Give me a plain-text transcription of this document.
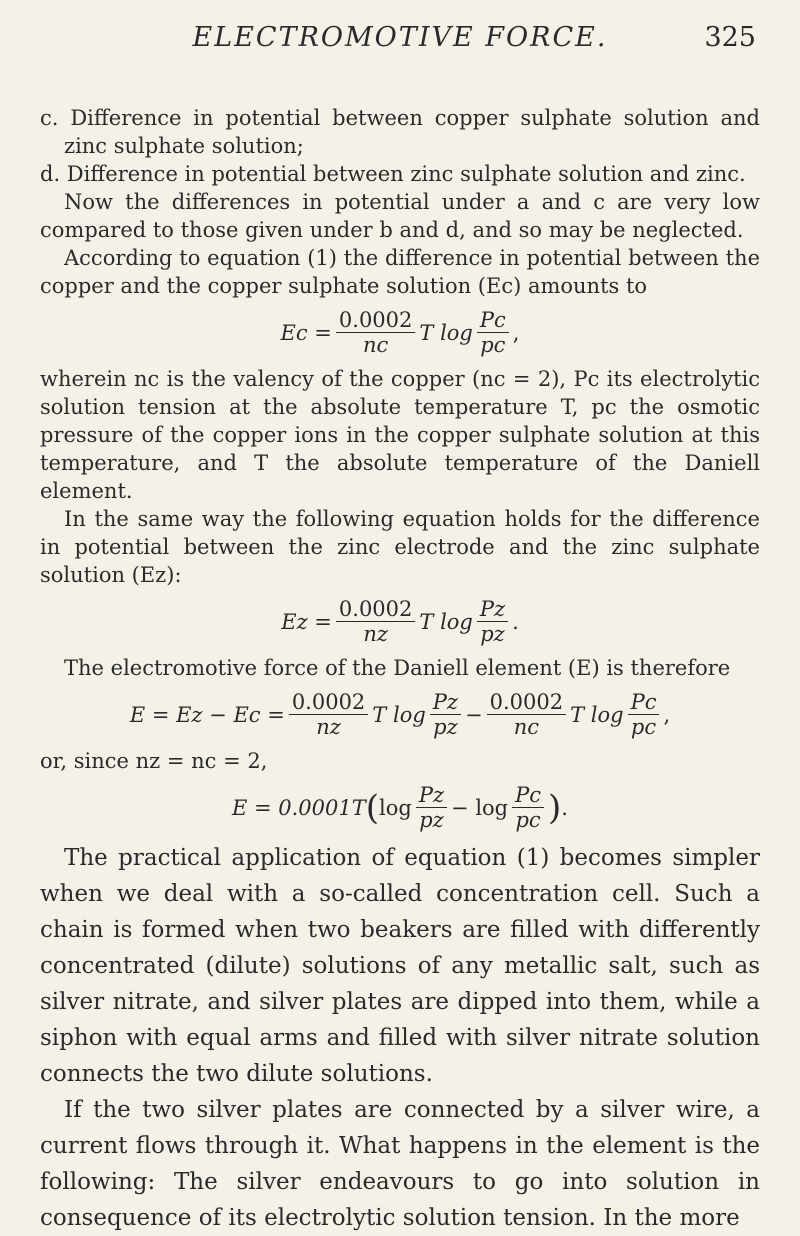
ELECTROMOTIVE FORCE.	325

c. Difference in potential between copper sulphate solution and zinc sulphate solution;

d. Difference in potential between zinc sulphate solution and zinc.

Now the differences in potential under a and c are very low compared to those given under b and d, and so may be neglected.

According to equation (1) the difference in potential between the copper and the copper sulphate solution (Ec) amounts to

$Ec = \frac{0.0002}{nc}$ T $\log \frac{Pc}{pc}$ ,

wherein nc is the valency of the copper (nc = 2), Pc its electrolytic solution tension at the absolute temperature T, pc the osmotic pressure of the copper ions in the copper sulphate solution at this temperature, and T the absolute temperature of the Daniell element.

In the same way the following equation holds for the difference in potential between the zinc electrode and the zinc sulphate solution (Ez):

$Ez = \frac{0.0002}{nz}$ T $\log \frac{Pz}{pz}$ .

The electromotive force of the Daniell element (E) is therefore

$E = Ez - Ec = \frac{0.0002}{nz}$ T $\log \frac{Pz}{pz} - \frac{0.0002}{nc}$ T $\log \frac{Pc}{pc}$ ,

or, since nz = nc = 2,

E = 0.0001T ( $\log \frac{Pz}{pz} - \log \frac{Pc}{pc}$ ) .

The practical application of equation (1) becomes simpler when we deal with a so-called concentration cell. Such a chain is formed when two beakers are filled with differently concentrated (dilute) solutions of any metallic salt, such as silver nitrate, and silver plates are dipped into them, while a siphon with equal arms and filled with silver nitrate solution connects the two dilute solutions.

If the two silver plates are connected by a silver wire, a current flows through it. What happens in the element is the following: The silver endeavours to go into solution in consequence of its electrolytic solution tension. In the more
